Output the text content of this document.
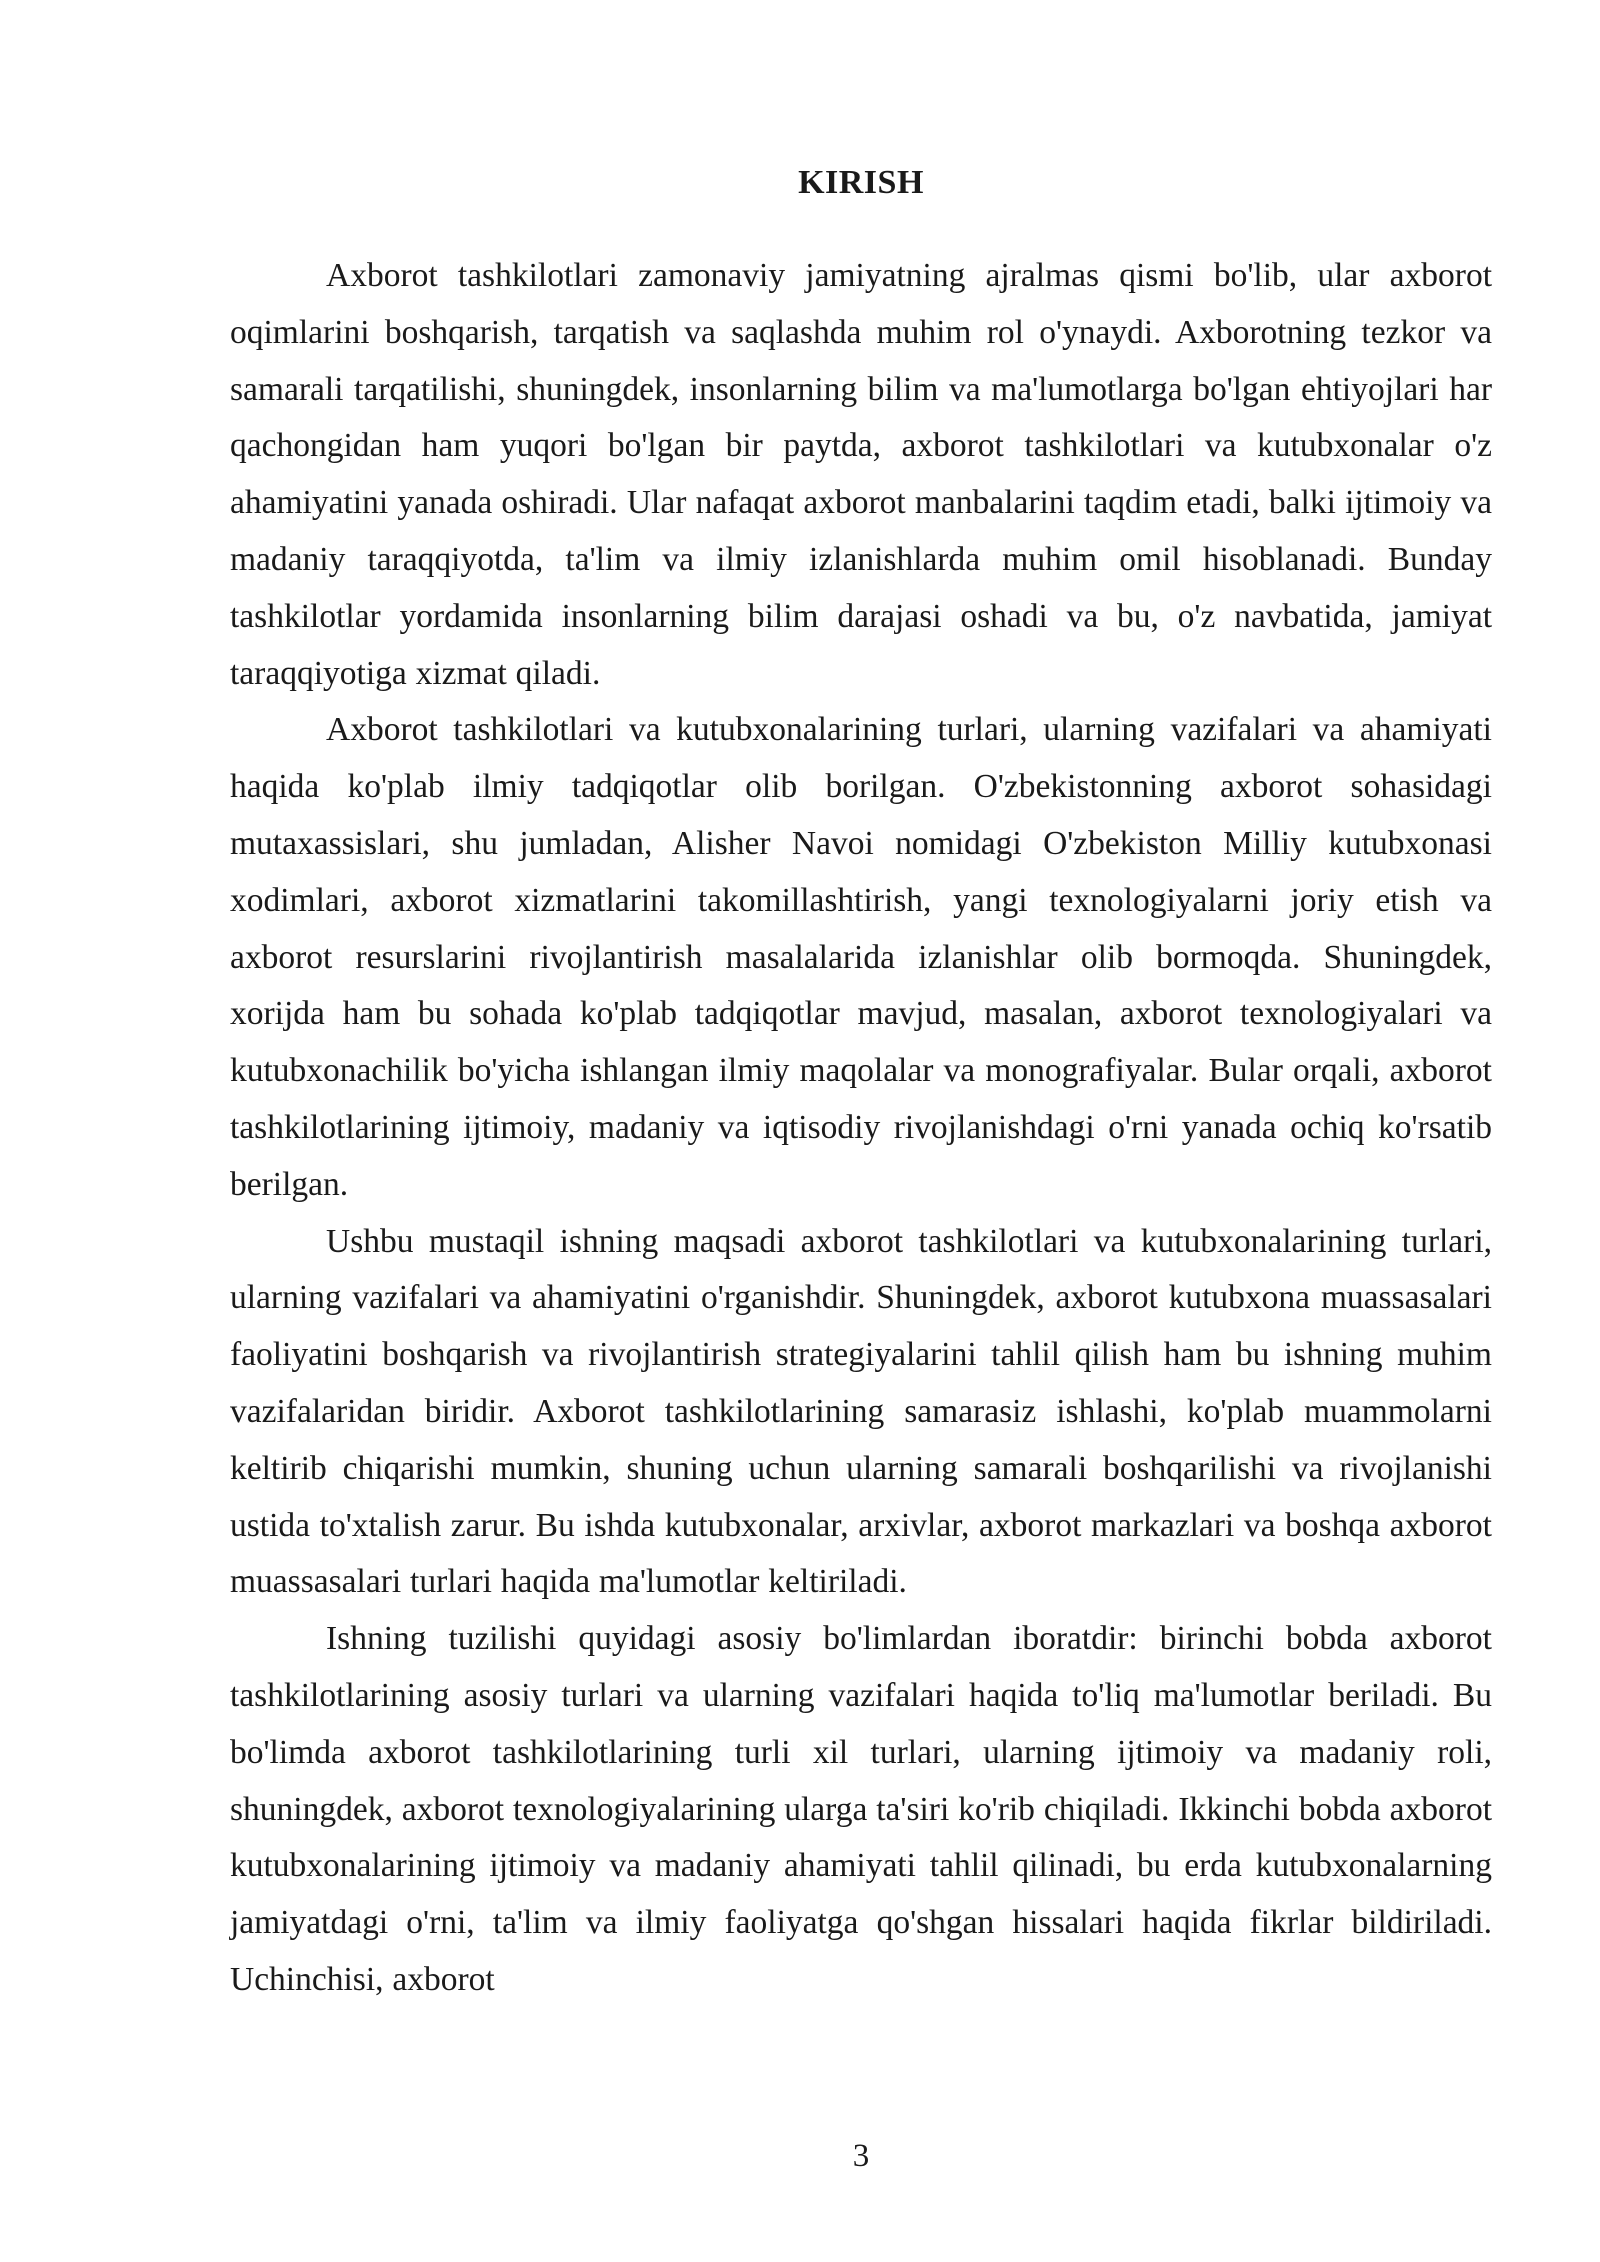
KIRISH

Axborot tashkilotlari zamonaviy jamiyatning ajralmas qismi bo'lib, ular axborot oqimlarini boshqarish, tarqatish va saqlashda muhim rol o'ynaydi. Axborotning tezkor va samarali tarqatilishi, shuningdek, insonlarning bilim va ma'lumotlarga bo'lgan ehtiyojlari har qachongidan ham yuqori bo'lgan bir paytda, axborot tashkilotlari va kutubxonalar o'z ahamiyatini yanada oshiradi. Ular nafaqat axborot manbalarini taqdim etadi, balki ijtimoiy va madaniy taraqqiyotda, ta'lim va ilmiy izlanishlarda muhim omil hisoblanadi. Bunday tashkilotlar yordamida insonlarning bilim darajasi oshadi va bu, o'z navbatida, jamiyat taraqqiyotiga xizmat qiladi.

Axborot tashkilotlari va kutubxonalarining turlari, ularning vazifalari va ahamiyati haqida ko'plab ilmiy tadqiqotlar olib borilgan. O'zbekistonning axborot sohasidagi mutaxassislari, shu jumladan, Alisher Navoi nomidagi O'zbekiston Milliy kutubxonasi xodimlari, axborot xizmatlarini takomillashtirish, yangi texnologiyalarni joriy etish va axborot resurslarini rivojlantirish masalalarida izlanishlar olib bormoqda. Shuningdek, xorijda ham bu sohada ko'plab tadqiqotlar mavjud, masalan, axborot texnologiyalari va kutubxonachilik bo'yicha ishlangan ilmiy maqolalar va monografiyalar. Bular orqali, axborot tashkilotlarining ijtimoiy, madaniy va iqtisodiy rivojlanishdagi o'rni yanada ochiq ko'rsatib berilgan.

Ushbu mustaqil ishning maqsadi axborot tashkilotlari va kutubxonalarining turlari, ularning vazifalari va ahamiyatini o'rganishdir. Shuningdek, axborot kutubxona muassasalari faoliyatini boshqarish va rivojlantirish strategiyalarini tahlil qilish ham bu ishning muhim vazifalaridan biridir. Axborot tashkilotlarining samarasiz ishlashi, ko'plab muammolarni keltirib chiqarishi mumkin, shuning uchun ularning samarali boshqarilishi va rivojlanishi ustida to'xtalish zarur. Bu ishda kutubxonalar, arxivlar, axborot markazlari va boshqa axborot muassasalari turlari haqida ma'lumotlar keltiriladi.

Ishning tuzilishi quyidagi asosiy bo'limlardan iboratdir: birinchi bobda axborot tashkilotlarining asosiy turlari va ularning vazifalari haqida to'liq ma'lumotlar beriladi. Bu bo'limda axborot tashkilotlarining turli xil turlari, ularning ijtimoiy va madaniy roli, shuningdek, axborot texnologiyalarining ularga ta'siri ko'rib chiqiladi. Ikkinchi bobda axborot kutubxonalarining ijtimoiy va madaniy ahamiyati tahlil qilinadi, bu erda kutubxonalarning jamiyatdagi o'rni, ta'lim va ilmiy faoliyatga qo'shgan hissalari haqida fikrlar bildiriladi. Uchinchisi, axborot

3
